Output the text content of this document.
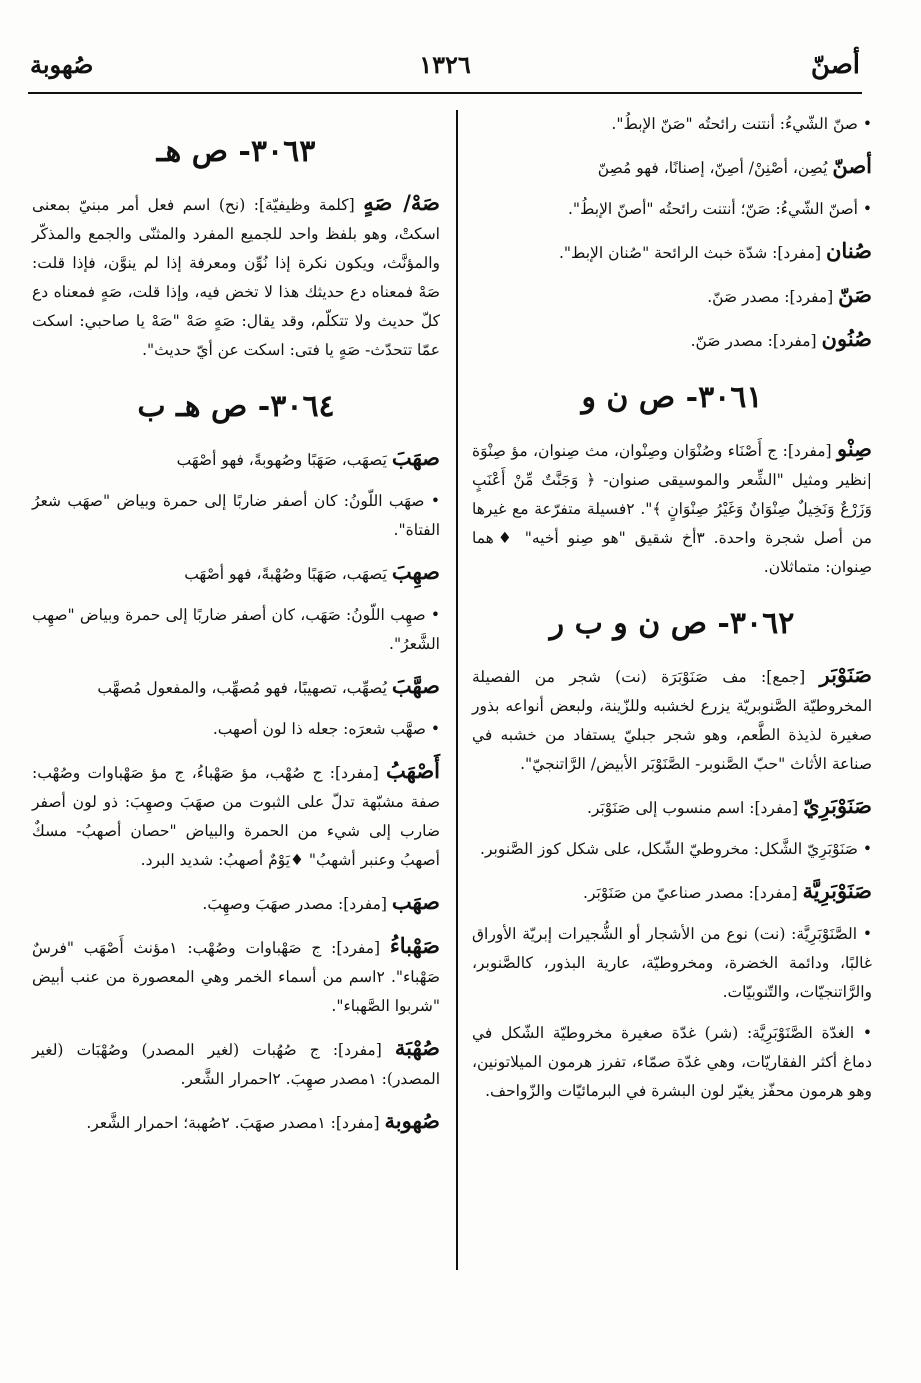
أصنّ
١٣٢٦
صُهوبة
• صنّ الشّيءُ: أنتنت رائحتُه "صَنّ الإبطُ".
أصنّ يُصِن، أصْنِنْ/ أصِنّ، إصنانًا، فهو مُصِنّ
• أصنّ الشّيءُ: صَنّ؛ أنتنت رائحتُه "أصنّ الإبطُ".
صُنان [مفرد]: شدّة خبث الرائحة "صُنان الإبط".
صَنّ [مفرد]: مصدر صَنّ.
صُنُون [مفرد]: مصدر صَنّ.
٣٠٦١- ص ن و
صِنْو [مفرد]: ج أَصْنَاء وصُنْوَان وصِنْوان، مث صِنوان، مؤ صِنْوَة ‏|نظير ومثيل "الشِّعر والموسيقى صنوان- ﴿ وَجَنَّتٌ مِّنْ أَعْنَبٍ وَزَرْعٌ وَنَخِيلٌ صِنْوَانٌ وَغَيْرُ صِنْوَانٍ ﴾". ٢فسيلة متفرّعة مع غيرها من أصل شجرة واحدة. ٣أخ شقيق "هو صِنو أخيه" ♦هما صِنوان: متماثلان.
٣٠٦٢- ص ن و ب ر
صَنَوْبَر [جمع]: مف صَنَوْبَرَة (نت) شجر من الفصيلة المخروطيّة الصَّنوبريّة يزرع لخشبه وللزّينة، ولبعض أنواعه بذور صغيرة لذيذة الطَّعم، وهو شجر جبليّ يستفاد من خشبه في صناعة الأثاث "حبّ الصَّنوبر- الصَّنَوْبَر الأبيض/ الرَّاتنجيّ".
صَنَوْبَرِيّ [مفرد]: اسم منسوب إلى صَنَوْبَر.
• صَنَوْبَرِيّ الشَّكل: مخروطيّ الشّكل، على شكل كوز الصَّنوبر.
صَنَوْبَرِيَّة [مفرد]: مصدر صناعيّ من صَنَوْبَر.
• الصَّنَوْبَرِيَّة: (نت) نوع من الأشجار أو الشُّجيرات إبريّة الأوراق غالبًا، ودائمة الخضرة، ومخروطيّة، عارية البذور، كالصَّنوبر، والرَّاتنجيّات، والتّنوبيّات.
• الغدّة الصَّنَوْبَرِيَّة: (شر) غدّة صغيرة مخروطيّة الشّكل في دماغ أكثر الفقاريّات، وهي غدّة صمّاء، تفرز هرمون الميلاتونين، وهو هرمون محفّز يغيّر لون البشرة في البرمائيّات والزّواحف.
٣٠٦٣- ص هـ
صَهْ/ صَهٍ [كلمة وظيفيّة]: (نح) اسم فعل أمر مبنيّ بمعنى اسكتْ، وهو بلفظ واحد للجميع المفرد والمثنّى والجمع والمذكّر والمؤنَّث، ويكون نكرة إذا نُوِّن ومعرفة إذا لم ينوَّن، فإذا قلت: صَهْ فمعناه دع حديثك هذا لا تخض فيه، وإذا قلت، صَهٍ فمعناه دع كلّ حديث ولا تتكلّم، وقد يقال: صَهٍ صَهْ "صَهْ يا صاحبي: اسكت عمّا تتحدّث- صَهٍ يا فتى: اسكت عن أيّ حديث".
٣٠٦٤- ص هـ ب
صهَبَ يَصهَب، صَهَبًا وصُهوبةً، فهو أصْهَب
• صهَب اللّونُ: كان أصفر ضاربًا إلى حمرة وبياض "صهَب شعرُ الفتاة".
صهِبَ يَصهَب، صَهَبًا وصُهْبةً، فهو أصْهَب
• صهِب اللّونُ: صَهَب، كان أصفر ضاربًا إلى حمرة وبياض "صهِب الشَّعرُ".
صهَّبَ يُصهِّب، تصهيبًا، فهو مُصهِّب، والمفعول مُصهَّب
• صهَّب شعرَه: جعله ذا لون أصهب.
أَصْهَبُ [مفرد]: ج صُهْب، مؤ صَهْباءُ، ج مؤ صَهْباوات وصُهْب: صفة مشبّهة تدلّ على الثبوت من صهَبَ وصهِبَ: ذو لون أصفر ضارب إلى شيء من الحمرة والبياض "حصان أصهبُ- مسكٌ أصهبُ وعنبر أشهبُ" ♦يَوْمٌ أصهبُ: شديد البرد.
صهَب [مفرد]: مصدر صهَبَ وصهِبَ.
صَهْباءُ [مفرد]: ج صَهْباوات وصُهْب: ١مؤنث أَصْهَب "فرسٌ صَهْباء". ٢اسم من أسماء الخمر وهي المعصورة من عنب أبيض "شربوا الصَّهباء".
صُهْبَة [مفرد]: ج صُهُبات (لغير المصدر) وصُهْبَات (لغير المصدر): ١مصدر صهِبَ. ٢احمرار الشَّعر.
صُهوبة [مفرد]: ١مصدر صهَبَ. ٢صُهبة؛ احمرار الشَّعر.
